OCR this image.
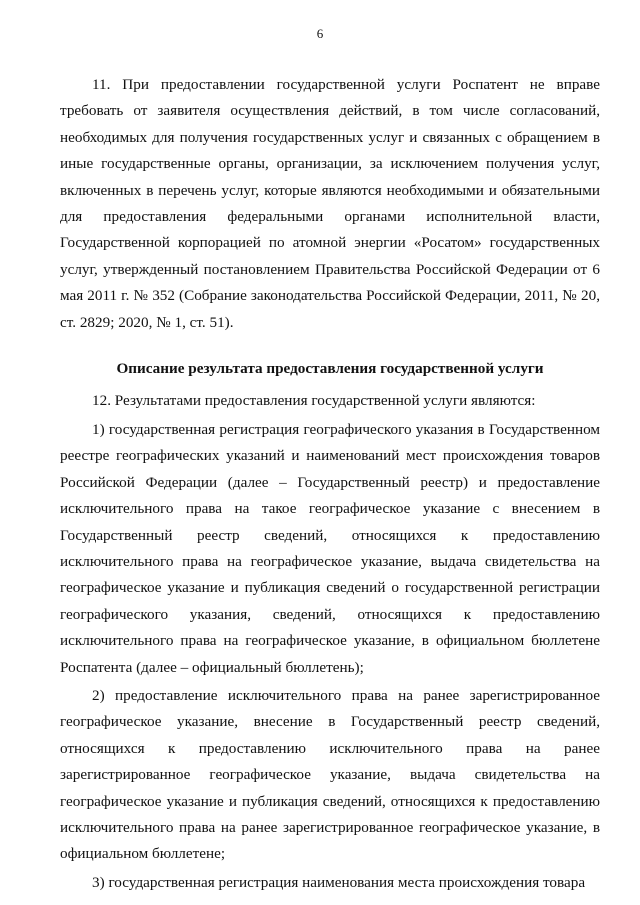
6

11. При предоставлении государственной услуги Роспатент не вправе требовать от заявителя осуществления действий, в том числе согласований, необходимых для получения государственных услуг и связанных с обращением в иные государственные органы, организации, за исключением получения услуг, включенных в перечень услуг, которые являются необходимыми и обязательными для предоставления федеральными органами исполнительной власти, Государственной корпорацией по атомной энергии «Росатом» государственных услуг, утвержденный постановлением Правительства Российской Федерации от 6 мая 2011 г. № 352 (Собрание законодательства Российской Федерации, 2011, № 20, ст. 2829; 2020, № 1, ст. 51).

Описание результата предоставления государственной услуги

12. Результатами предоставления государственной услуги являются:

1) государственная регистрация географического указания в Государственном реестре географических указаний и наименований мест происхождения товаров Российской Федерации (далее – Государственный реестр) и предоставление исключительного права на такое географическое указание с внесением в Государственный реестр сведений, относящихся к предоставлению исключительного права на географическое указание, выдача свидетельства на географическое указание и публикация сведений о государственной регистрации географического указания, сведений, относящихся к предоставлению исключительного права на географическое указание, в официальном бюллетене Роспатента (далее – официальный бюллетень);

2) предоставление исключительного права на ранее зарегистрированное географическое указание, внесение в Государственный реестр сведений, относящихся к предоставлению исключительного права на ранее зарегистрированное географическое указание, выдача свидетельства на географическое указание и публикация сведений, относящихся к предоставлению исключительного права на ранее зарегистрированное географическое указание, в официальном бюллетене;

3) государственная регистрация наименования места происхождения товара
